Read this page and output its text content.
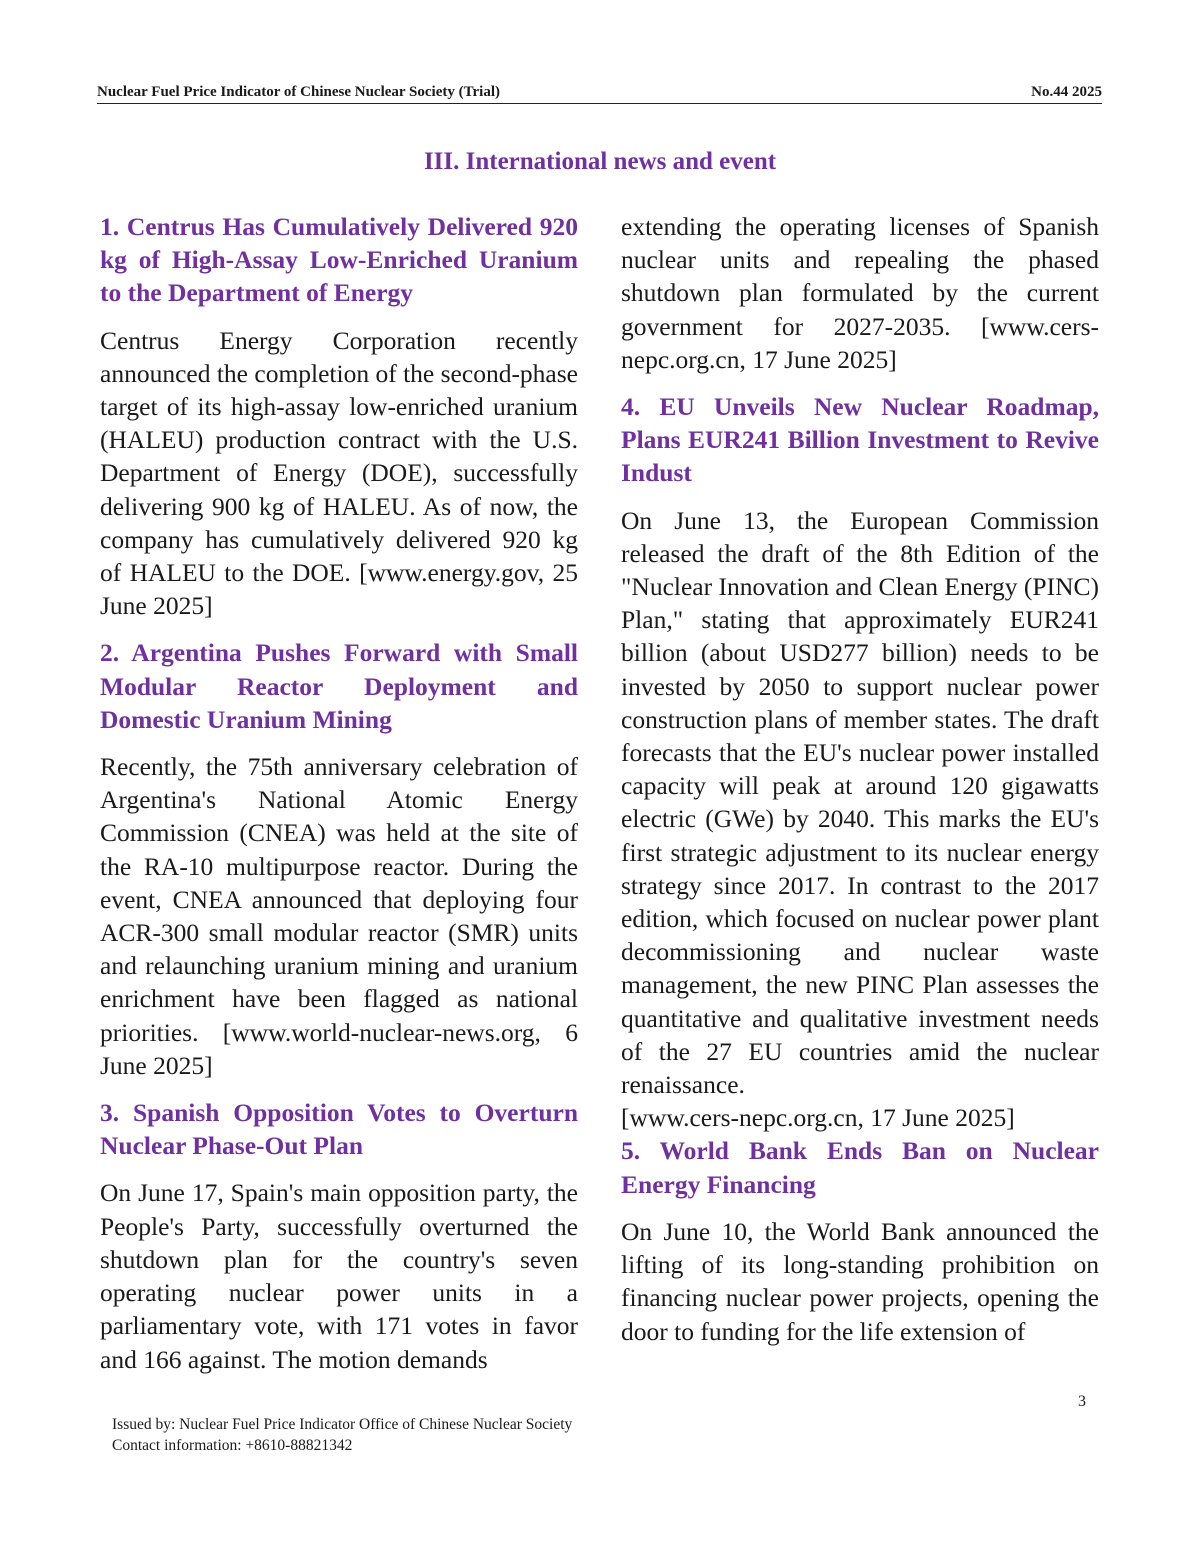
Nuclear Fuel Price Indicator of Chinese Nuclear Society (Trial)	No.44 2025
III. International news and event
1. Centrus Has Cumulatively Delivered 920 kg of High-Assay Low-Enriched Uranium to the Department of Energy

Centrus Energy Corporation recently announced the completion of the second-phase target of its high-assay low-enriched uranium (HALEU) production contract with the U.S. Department of Energy (DOE), successfully delivering 900 kg of HALEU. As of now, the company has cumulatively delivered 920 kg of HALEU to the DOE. [www.energy.gov, 25 June 2025]

2. Argentina Pushes Forward with Small Modular Reactor Deployment and Domestic Uranium Mining

Recently, the 75th anniversary celebration of Argentina's National Atomic Energy Commission (CNEA) was held at the site of the RA-10 multipurpose reactor. During the event, CNEA announced that deploying four ACR-300 small modular reactor (SMR) units and relaunching uranium mining and uranium enrichment have been flagged as national priorities. [www.world-nuclear-news.org, 6 June 2025]

3. Spanish Opposition Votes to Overturn Nuclear Phase-Out Plan

On June 17, Spain's main opposition party, the People's Party, successfully overturned the shutdown plan for the country's seven operating nuclear power units in a parliamentary vote, with 171 votes in favor and 166 against. The motion demands

extending the operating licenses of Spanish nuclear units and repealing the phased shutdown plan formulated by the current government for 2027-2035. [www.cers-nepc.org.cn, 17 June 2025]

4. EU Unveils New Nuclear Roadmap, Plans EUR241 Billion Investment to Revive Indust

On June 13, the European Commission released the draft of the 8th Edition of the "Nuclear Innovation and Clean Energy (PINC) Plan," stating that approximately EUR241 billion (about USD277 billion) needs to be invested by 2050 to support nuclear power construction plans of member states. The draft forecasts that the EU's nuclear power installed capacity will peak at around 120 gigawatts electric (GWe) by 2040. This marks the EU's first strategic adjustment to its nuclear energy strategy since 2017. In contrast to the 2017 edition, which focused on nuclear power plant decommissioning and nuclear waste management, the new PINC Plan assesses the quantitative and qualitative investment needs of the 27 EU countries amid the nuclear renaissance.

[www.cers-nepc.org.cn, 17 June 2025]

5. World Bank Ends Ban on Nuclear Energy Financing

On June 10, the World Bank announced the lifting of its long-standing prohibition on financing nuclear power projects, opening the door to funding for the life extension of

3
Issued by: Nuclear Fuel Price Indicator Office of Chinese Nuclear Society
Contact information: +8610-88821342
